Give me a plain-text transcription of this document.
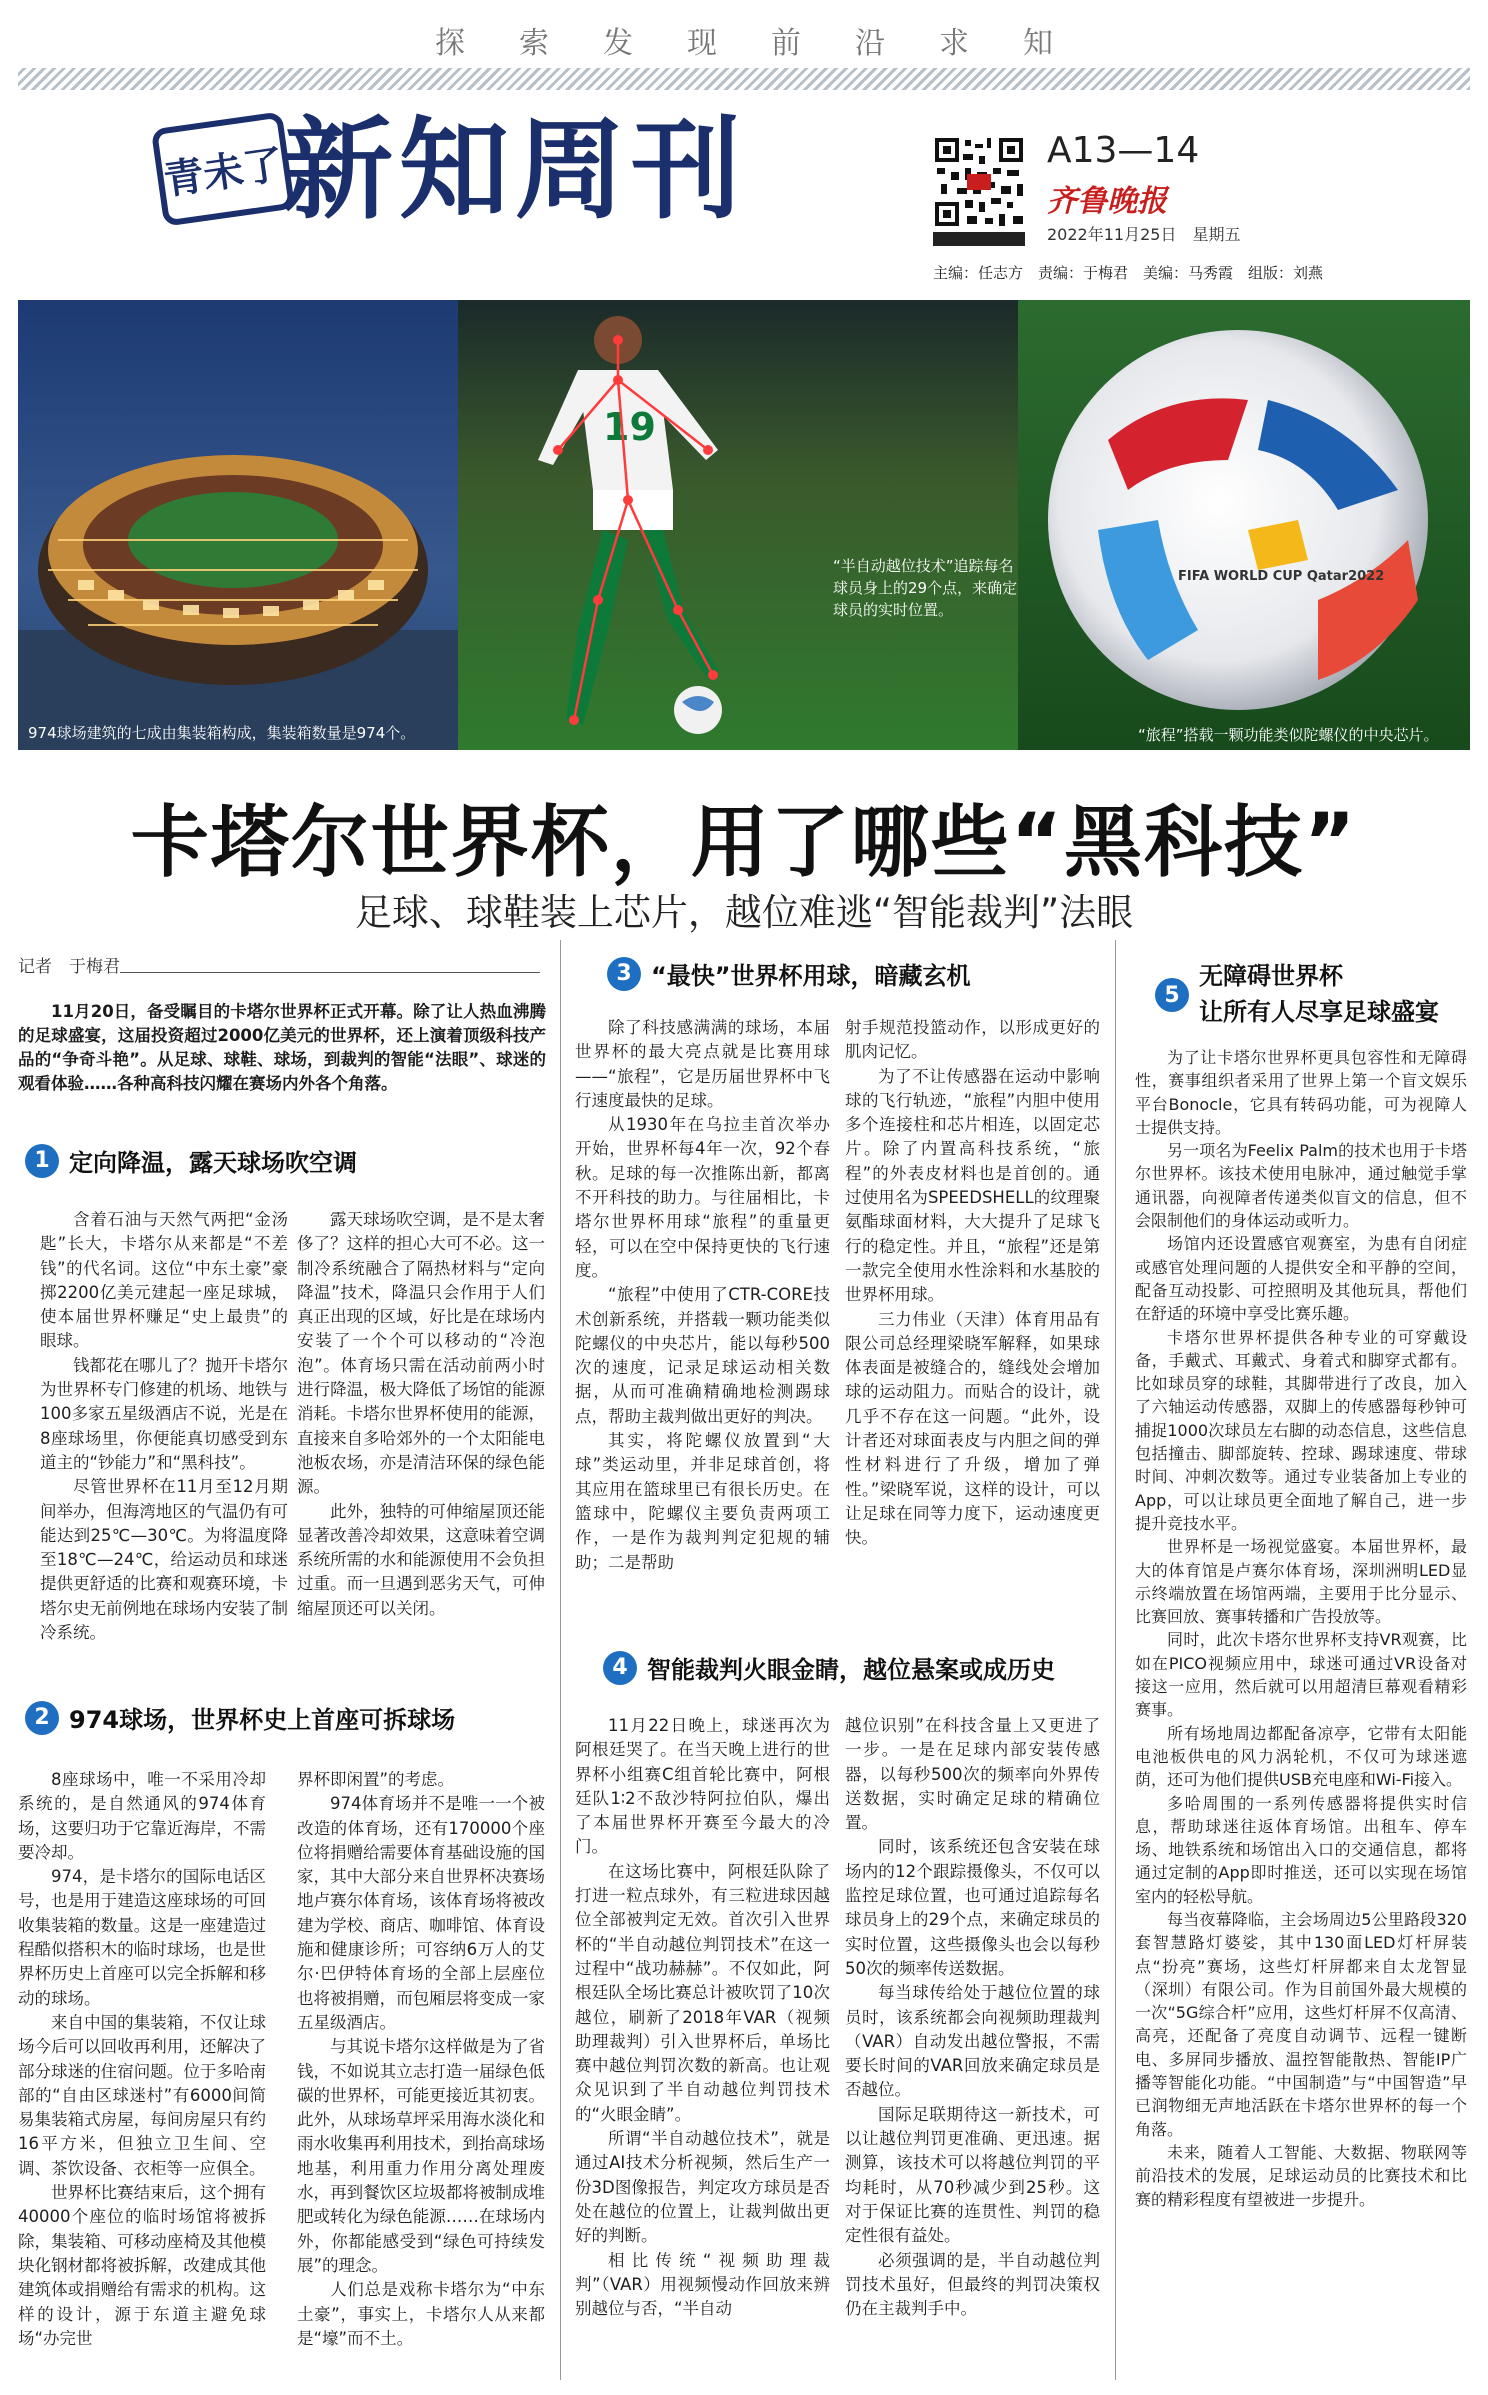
探 索 发 现 前 沿 求 知
青未了
新知周刊	A13—14
齐鲁晚报
2022年11月25日　星期五
主编：任志方　责编：于梅君　美编：马秀霞　组版：刘燕
19
FIFA WORLD CUP Qatar2022
974球场建筑的七成由集装箱构成，集装箱数量是974个。
“半自动越位技术”追踪每名球员身上的29个点，来确定球员的实时位置。
“旅程”搭载一颗功能类似陀螺仪的中央芯片。
卡塔尔世界杯，用了哪些“黑科技”
足球、球鞋装上芯片，越位难逃“智能裁判”法眼
记者　于梅君
11月20日，备受瞩目的卡塔尔世界杯正式开幕。除了让人热血沸腾的足球盛宴，这届投资超过2000亿美元的世界杯，还上演着顶级科技产品的“争奇斗艳”。从足球、球鞋、球场，到裁判的智能“法眼”、球迷的观看体验……各种高科技闪耀在赛场内外各个角落。
1 定向降温，露天球场吹空调

含着石油与天然气两把“金汤匙”长大，卡塔尔从来都是“不差钱”的代名词。这位“中东土豪”豪掷2200亿美元建起一座足球城，使本届世界杯赚足“史上最贵”的眼球。

钱都花在哪儿了？抛开卡塔尔为世界杯专门修建的机场、地铁与100多家五星级酒店不说，光是在8座球场里，你便能真切感受到东道主的“钞能力”和“黑科技”。

尽管世界杯在11月至12月期间举办，但海湾地区的气温仍有可能达到25℃—30℃。为将温度降至18℃—24℃，给运动员和球迷提供更舒适的比赛和观赛环境，卡塔尔史无前例地在球场内安装了制冷系统。

露天球场吹空调，是不是太奢侈了？这样的担心大可不必。这一制冷系统融合了隔热材料与“定向降温”技术，降温只会作用于人们真正出现的区域，好比是在球场内安装了一个个可以移动的“冷泡泡”。体育场只需在活动前两小时进行降温，极大降低了场馆的能源消耗。卡塔尔世界杯使用的能源，直接来自多哈郊外的一个太阳能电池板农场，亦是清洁环保的绿色能源。

此外，独特的可伸缩屋顶还能显著改善冷却效果，这意味着空调系统所需的水和能源使用不会负担过重。而一旦遇到恶劣天气，可伸缩屋顶还可以关闭。

2 974球场，世界杯史上首座可拆球场

8座球场中，唯一不采用冷却系统的，是自然通风的974体育场，这要归功于它靠近海岸，不需要冷却。

974，是卡塔尔的国际电话区号，也是用于建造这座球场的可回收集装箱的数量。这是一座建造过程酷似搭积木的临时球场，也是世界杯历史上首座可以完全拆解和移动的球场。

来自中国的集装箱，不仅让球场今后可以回收再利用，还解决了部分球迷的住宿问题。位于多哈南部的“自由区球迷村”有6000间简易集装箱式房屋，每间房屋只有约16平方米，但独立卫生间、空调、茶饮设备、衣柜等一应俱全。

世界杯比赛结束后，这个拥有40000个座位的临时场馆将被拆除，集装箱、可移动座椅及其他模块化钢材都将被拆解，改建成其他建筑体或捐赠给有需求的机构。这样的设计，源于东道主避免球场“办完世

界杯即闲置”的考虑。

974体育场并不是唯一一个被改造的体育场，还有170000个座位将捐赠给需要体育基础设施的国家，其中大部分来自世界杯决赛场地卢赛尔体育场，该体育场将被改建为学校、商店、咖啡馆、体育设施和健康诊所；可容纳6万人的艾尔·巴伊特体育场的全部上层座位也将被捐赠，而包厢层将变成一家五星级酒店。

与其说卡塔尔这样做是为了省钱，不如说其立志打造一届绿色低碳的世界杯，可能更接近其初衷。此外，从球场草坪采用海水淡化和雨水收集再利用技术，到抬高球场地基，利用重力作用分离处理废水，再到餐饮区垃圾都将被制成堆肥或转化为绿色能源……在球场内外，你都能感受到“绿色可持续发展”的理念。

人们总是戏称卡塔尔为“中东土豪”，事实上，卡塔尔人从来都是“壕”而不土。

3 “最快”世界杯用球，暗藏玄机

除了科技感满满的球场，本届世界杯的最大亮点就是比赛用球——“旅程”，它是历届世界杯中飞行速度最快的足球。

从1930年在乌拉圭首次举办开始，世界杯每4年一次，92个春秋。足球的每一次推陈出新，都离不开科技的助力。与往届相比，卡塔尔世界杯用球“旅程”的重量更轻，可以在空中保持更快的飞行速度。

“旅程”中使用了CTR-CORE技术创新系统，并搭载一颗功能类似陀螺仪的中央芯片，能以每秒500次的速度，记录足球运动相关数据，从而可准确精确地检测踢球点，帮助主裁判做出更好的判决。

其实，将陀螺仪放置到“大球”类运动里，并非足球首创，将其应用在篮球里已有很长历史。在篮球中，陀螺仪主要负责两项工作，一是作为裁判判定犯规的辅助；二是帮助

射手规范投篮动作，以形成更好的肌肉记忆。

为了不让传感器在运动中影响球的飞行轨迹，“旅程”内胆中使用多个连接柱和芯片相连，以固定芯片。除了内置高科技系统，“旅程”的外表皮材料也是首创的。通过使用名为SPEEDSHELL的纹理聚氨酯球面材料，大大提升了足球飞行的稳定性。并且，“旅程”还是第一款完全使用水性涂料和水基胶的世界杯用球。

三力伟业（天津）体育用品有限公司总经理梁晓军解释，如果球体表面是被缝合的，缝线处会增加球的运动阻力。而贴合的设计，就几乎不存在这一问题。“此外，设计者还对球面表皮与内胆之间的弹性材料进行了升级，增加了弹性。”梁晓军说，这样的设计，可以让足球在同等力度下，运动速度更快。

4 智能裁判火眼金睛，越位悬案或成历史

11月22日晚上，球迷再次为阿根廷哭了。在当天晚上进行的世界杯小组赛C组首轮比赛中，阿根廷队1∶2不敌沙特阿拉伯队，爆出了本届世界杯开赛至今最大的冷门。

在这场比赛中，阿根廷队除了打进一粒点球外，有三粒进球因越位全部被判定无效。首次引入世界杯的“半自动越位判罚技术”在这一过程中“战功赫赫”。不仅如此，阿根廷队全场比赛总计被吹罚了10次越位，刷新了2018年VAR（视频助理裁判）引入世界杯后，单场比赛中越位判罚次数的新高。也让观众见识到了半自动越位判罚技术的“火眼金睛”。

所谓“半自动越位技术”，就是通过AI技术分析视频，然后生产一份3D图像报告，判定攻方球员是否处在越位的位置上，让裁判做出更好的判断。

相比传统“视频助理裁判”（VAR）用视频慢动作回放来辨别越位与否，“半自动

越位识别”在科技含量上又更进了一步。一是在足球内部安装传感器，以每秒500次的频率向外界传送数据，实时确定足球的精确位置。

同时，该系统还包含安装在球场内的12个跟踪摄像头，不仅可以监控足球位置，也可通过追踪每名球员身上的29个点，来确定球员的实时位置，这些摄像头也会以每秒50次的频率传送数据。

每当球传给处于越位位置的球员时，该系统都会向视频助理裁判（VAR）自动发出越位警报，不需要长时间的VAR回放来确定球员是否越位。

国际足联期待这一新技术，可以让越位判罚更准确、更迅速。据测算，该技术可以将越位判罚的平均耗时，从70秒减少到25秒。这对于保证比赛的连贯性、判罚的稳定性很有益处。

必须强调的是，半自动越位判罚技术虽好，但最终的判罚决策权仍在主裁判手中。

5
无障碍世界杯
让所有人尽享足球盛宴

为了让卡塔尔世界杯更具包容性和无障碍性，赛事组织者采用了世界上第一个盲文娱乐平台Bonocle，它具有转码功能，可为视障人士提供支持。

另一项名为Feelix Palm的技术也用于卡塔尔世界杯。该技术使用电脉冲，通过触觉手掌通讯器，向视障者传递类似盲文的信息，但不会限制他们的身体运动或听力。

场馆内还设置感官观赛室，为患有自闭症或感官处理问题的人提供安全和平静的空间，配备互动投影、可控照明及其他玩具，帮他们在舒适的环境中享受比赛乐趣。

卡塔尔世界杯提供各种专业的可穿戴设备，手戴式、耳戴式、身着式和脚穿式都有。比如球员穿的球鞋，其脚带进行了改良，加入了六轴运动传感器，双脚上的传感器每秒钟可捕捉1000次球员左右脚的动态信息，这些信息包括撞击、脚部旋转、控球、踢球速度、带球时间、冲刺次数等。通过专业装备加上专业的App，可以让球员更全面地了解自己，进一步提升竞技水平。

世界杯是一场视觉盛宴。本届世界杯，最大的体育馆是卢赛尔体育场，深圳洲明LED显示终端放置在场馆两端，主要用于比分显示、比赛回放、赛事转播和广告投放等。

同时，此次卡塔尔世界杯支持VR观赛，比如在PICO视频应用中，球迷可通过VR设备对接这一应用，然后就可以用超清巨幕观看精彩赛事。

所有场地周边都配备凉亭，它带有太阳能电池板供电的风力涡轮机，不仅可为球迷遮荫，还可为他们提供USB充电座和Wi-Fi接入。

多哈周围的一系列传感器将提供实时信息，帮助球迷往返体育场馆。出租车、停车场、地铁系统和场馆出入口的交通信息，都将通过定制的App即时推送，还可以实现在场馆室内的轻松导航。

每当夜幕降临，主会场周边5公里路段320套智慧路灯婆娑，其中130面LED灯杆屏装点“扮亮”赛场，这些灯杆屏都来自太龙智显（深圳）有限公司。作为目前国外最大规模的一次“5G综合杆”应用，这些灯杆屏不仅高清、高亮，还配备了亮度自动调节、远程一键断电、多屏同步播放、温控智能散热、智能IP广播等智能化功能。“中国制造”与“中国智造”早已润物细无声地活跃在卡塔尔世界杯的每一个角落。

未来，随着人工智能、大数据、物联网等前沿技术的发展，足球运动员的比赛技术和比赛的精彩程度有望被进一步提升。
